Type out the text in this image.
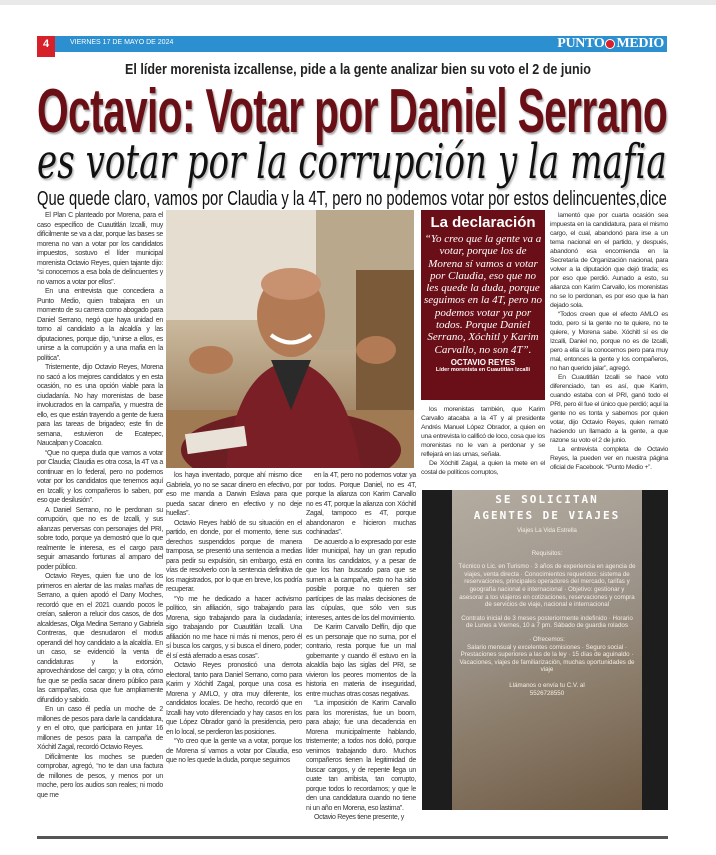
4	VIERNES 17 DE MAYO DE 2024	PUNTO MEDIO
El líder morenista izcallense, pide a la gente analizar bien su voto el 2 de junio
Octavio: Votar por Daniel Serrano
es votar por la corrupción y la mafia
Que quede claro, vamos por Claudia y la 4T, pero no podemos votar por estos delincuentes,dice

El Plan C planteado por Morena, para el caso específico de Cuautitlán Izcalli, muy difícilmente se va a dar, porque las bases se morena no van a votar por los candidatos impuestos, sostuvo el líder municipal morenista Octavio Reyes, quien tajante dijo: “si conocemos a esa bola de delincuentes y no vamos a votar por ellos”.

En una entrevista que concediera a Punto Medio, quien trabajara en un momento de su carrera como abogado para Daniel Serrano, negó que haya unidad en torno al candidato a la alcaldía y las diputaciones, porque dijo, “unirse a ellos, es unirse a la corrupción y a una mafia en la política”.

Tristemente, dijo Octavio Reyes, Morena no sacó a los mejores candidatos y en esta ocasión, no es una opción viable para la ciudadanía. No hay morenistas de base involucrados en la campaña, y muestra de ello, es que están trayendo a gente de fuera para las tareas de brigadeo; este fin de semana, estuvieron de Ecatepec, Naucalpan y Coacalco.

“Que no quepa duda que vamos a votar por Claudia; Claudia es otra cosa, la 4T va a continuar en lo federal, pero no podemos votar por los candidatos que tenemos aquí en Izcalli; y los compañeros lo saben, por eso que desilusión”.

A Daniel Serrano, no le perdonan su corrupción, que no es de Izcalli, y sus alianzas perversas con personajes del PRI, sobre todo, porque ya demostró que lo que realmente le interesa, es el cargo para seguir amasando fortunas al amparo del poder público.

Octavio Reyes, quien fue uno de los primeros en alertar de las malas mañas de Serrano, a quien apodó el Dany Moches, recordó que en el 2021 cuando pocos le creían, salieron a relucir dos casos, de dos alcaldesas, Olga Medina Serrano y Gabriela Contreras, que desnudaron el modus operandi del hoy candidato a la alcaldía. En un caso, se evidenció la venta de candidaturas y la extorsión, aprovechándose del cargo; y la otra, cómo fue que se pedía sacar dinero público para las campañas, cosa que fue ampliamente difundido y sabido.

En un caso él pedía un moche de 2 millones de pesos para darle la candidatura, y en el otro, que participara en juntar 16 millones de pesos para la campaña de Xóchitl Zagal, recordó Octavio Reyes.

Difícilmente los moches se pueden comprobar, agregó, “no te dan una factura de millones de pesos, y menos por un moche, pero los audios son reales; ni modo que me

los haya inventado, porque ahí mismo dice Gabriela, yo no se sacar dinero en efectivo, por eso me manda a Darwin Eslava para que pueda sacar dinero en efectivo y no deje huellas”.

Octavio Reyes habló de su situación en el partido, en donde, por el momento, tiene sus derechos suspendidos porque de manera tramposa, se presentó una sentencia a medias para pedir su expulsión, sin embargo, está en vías de resolverlo con la sentencia definitiva de los magistrados, por lo que en breve, los podría recuperar.

“Yo me he dedicado a hacer activismo político, sin afiliación, sigo trabajando para Morena, sigo trabajando para la ciudadanía; sigo trabajando por Cuautitlán Izcalli. Una afiliación no me hace ni más ni menos, pero él sí busca los cargos, y si busca el dinero, poder; él sí está aferrado a esas cosas”.

Octavio Reyes pronosticó una derrota electoral, tanto para Daniel Serrano, como para Karim y Xóchitl Zagal, porque una cosa es Morena y AMLO, y otra muy diferente, los candidatos locales. De hecho, recordó que en Izcalli hay voto diferenciado y hay casos en los que López Obrador ganó la presidencia, pero en lo local, se perdieron las posiciones.

“Yo creo que la gente va a votar, porque los de Morena sí vamos a votar por Claudia, eso que no les quede la duda, porque seguimos

en la 4T, pero no podemos votar ya por todos. Porque Daniel, no es 4T, porque la alianza con Karim Carvallo no es 4T, porque la alianza con Xóchitl Zagal, tampoco es 4T, porque abandonaron e hicieron muchas cochinadas”.

De acuerdo a lo expresado por este líder municipal, hay un gran repudio contra los candidatos, y a pesar de que los han buscado para que se sumen a la campaña, esto no ha sido posible porque no quieren ser partícipes de las malas decisiones de las cúpulas, que sólo ven sus intereses, antes de los del movimiento.

De Karim Carvallo Delfín, dijo que es un personaje que no suma, por el contrario, resta porque fue un mal gobernante y cuando él estuvo en la alcaldía bajo las siglas del PRI, se vivieron los peores momentos de la historia en materia de inseguridad, entre muchas otras cosas negativas.

“La imposición de Karim Carvallo para los morenistas, fue un boom, para abajo; fue una decadencia en Morena municipalmente hablando, tristemente; a todos nos dolió, porque venimos trabajando duro. Muchos compañeros tienen la legitimidad de buscar cargos, y de repente llega un cuate tan arribista, tan corrupto, porque todos lo recordamos; y que le den una candidatura cuando no tiene ni un año en Morena, eso lastima”.

Octavio Reyes tiene presente, y

La declaración
“Yo creo que la gente va a votar, porque los de Morena sí vamos a votar por Claudia, eso que no les quede la duda, porque seguimos en la 4T, pero no podemos votar ya por todos. Porque Daniel Serrano, Xóchitl y Karim Carvallo, no son 4T”.
OCTAVIO REYES
Líder morenista en Cuautitlán Izcalli

los morenistas también, que Karim Carvallo atacaba a la 4T y al presidente Andrés Manuel López Obrador, a quien en una entrevista lo calificó de loco, cosa que los morenistas no le van a perdonar y se reflejará en las urnas, señala.

De Xóchitl Zagal, a quien la mete en el costal de políticos corruptos,

lamentó que por cuarta ocasión sea impuesta en la candidatura, para el mismo cargo, el cual, abandonó para irse a un tema nacional en el partido, y después, abandonó esa encomienda en la Secretaría de Organización nacional, para volver a la diputación que dejó tirada; es por eso que perdió. Aunado a esto, su alianza con Karim Carvallo, los morenistas no se lo perdonan, es por eso que la han dejado sola.

“Todos creen que el efecto AMLO es todo, pero si la gente no te quiere, no te quiere, y Morena sabe. Xóchitl sí es de Izcalli, Daniel no, porque no es de Izcalli, pero a ella sí la conocemos pero para muy mal, entonces la gente y los compañeros, no han querido jalar”, agregó.

En Cuautitlán Izcalli se hace voto diferenciado, tan es así, que Karim, cuando estaba con el PRI, ganó todo el PRI, pero él fue el único que perdió; aquí la gente no es tonta y sabemos por quien votar, dijo Octavio Reyes, quien remató haciendo un llamado a la gente, a que razone su voto el 2 de junio.

La entrevista completa de Octavio Reyes, la pueden ver en nuestra página oficial de Facebook. “Punto Medio +”.

SE SOLICITAN
AGENTES DE VIAJES
Viajes La Vida Estrella
Requisitos:
Técnico o Lic. en Turismo · 3 años de experiencia en agencia de viajes, venta directa · Conocimientos requeridos: sistema de reservaciones, principales operadores del mercado, tarifas y geografía nacional e internacional · Objetivo: gestionar y asesorar a los viajeros en cotizaciones, reservaciones y compra de servicios de viaje, nacional e internacional
Contrato inicial de 3 meses posteriormente indefinido · Horario de Lunes a Viernes, 10 a 7 pm. Sábado de guardia rolados
· Ofrecemos:
Salario mensual y excelentes comisiones · Seguro social · Prestaciones superiores a las de la ley · 15 días de aguinaldo · Vacaciones, viajes de familiarización, muchas oportunidades de viaje
Llámanos o envía tu C.V. al
5526728550
